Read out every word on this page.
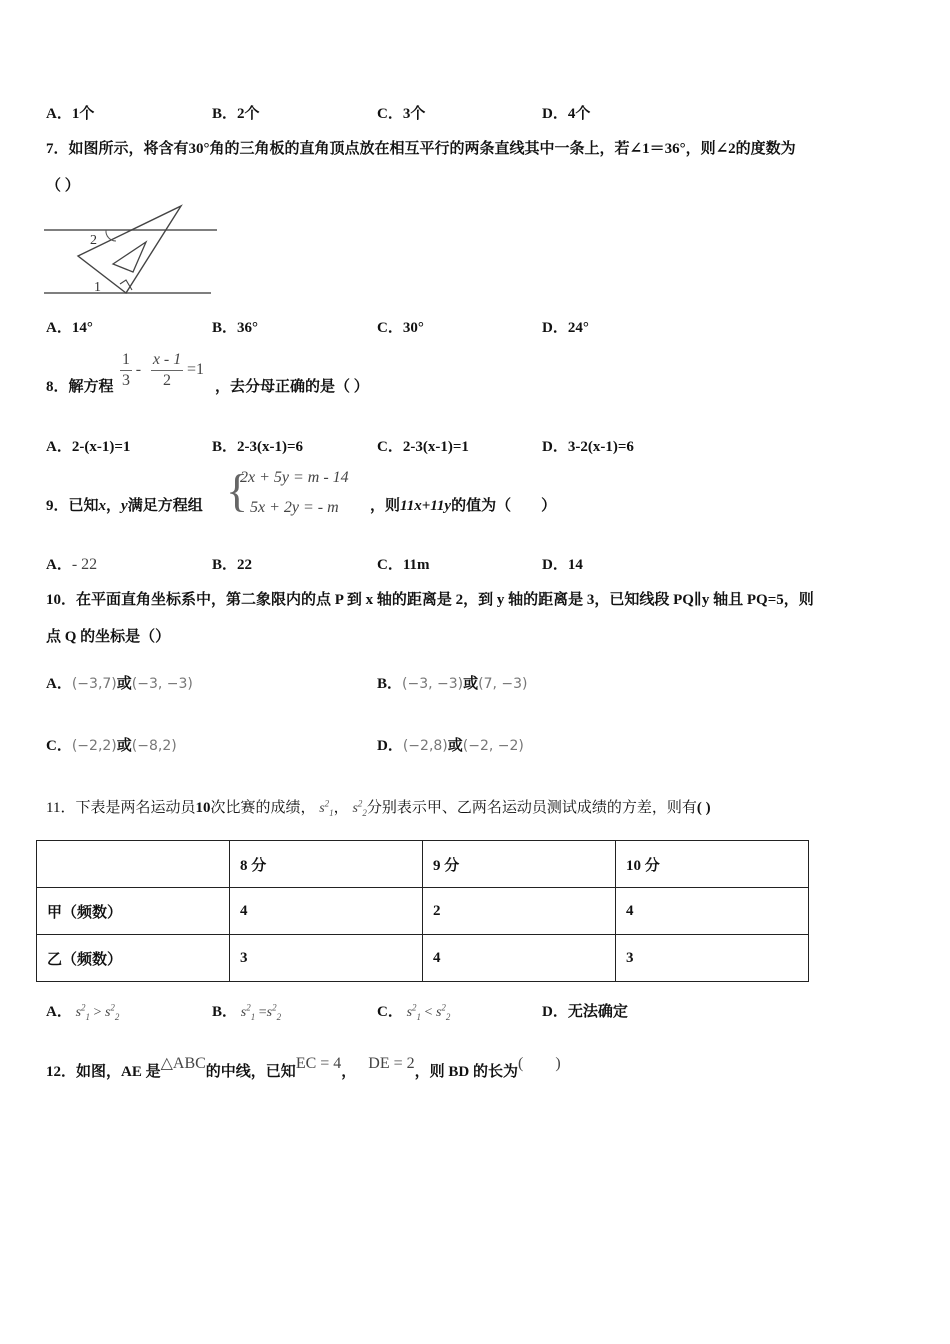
A．1个	B．2个	C．3个	D．4个
7．如图所示，将含有30°角的三角板的直角顶点放在相互平行的两条直线其中一条上，若∠1＝36°，则∠2的度数为
（ ）
2
1
A．14°	B．36°	C．30°	D．24°
8．解方程 $\frac{1}{3} - \frac{x - 1}{2} =1$
，去分母正确的是（ ）
A．2-(x-1)=1	B．2-3(x-1)=6	C．2-3(x-1)=1	D．3-2(x-1)=6
9．已知x，y满足方程组 {
2x + 5y = m - 14
5x + 2y = - m ，则11x+11y的值为（　　）
A．- 22	B．22	C．11m	D．14
10．在平面直角坐标系中，第二象限内的点 P 到 x 轴的距离是 2，到 y 轴的距离是 3，已知线段 PQ∥y 轴且 PQ=5，则
点 Q 的坐标是（）
A．(−3,7)或(−3, −3)	B．(−3, −3)或(7, −3)
C．(−2,2)或(−8,2)	D．(−2,8)或(−2, −2)
11．下表是两名运动员10次比赛的成绩， $s^2_1$， $s^2_2$分别表示甲、乙两名运动员测试成绩的方差，则有( )
	8 分	9 分	10 分
甲（频数）	4	2	4
乙（频数）	3	4	3
A． $s^2_1 > s^2_2$	B． $s^2_1 =s^2_2$	C． $s^2_1 < s^2_2$	D．无法确定
12．如图，AE 是△ABC的中线，已知EC = 4， DE = 2，则 BD 的长为(　　)
